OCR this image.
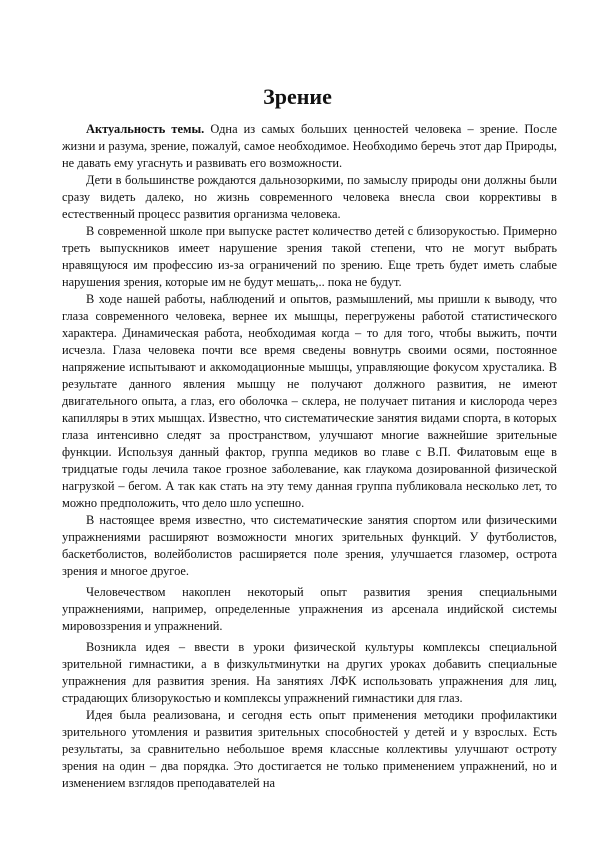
Зрение

Актуальность темы. Одна из самых больших ценностей человека – зрение. После жизни и разума, зрение, пожалуй, самое необходимое. Необходимо беречь этот дар Природы, не давать ему угаснуть и развивать его возможности.

Дети в большинстве рождаются дальнозоркими, по замыслу природы они должны были сразу видеть далеко, но жизнь современного человека внесла свои коррективы в естественный процесс развития организма человека.

В современной школе при выпуске растет количество детей с близорукостью. Примерно треть выпускников имеет нарушение зрения такой степени, что не могут выбрать нравящуюся им профессию из-за ограничений по зрению. Еще треть будет иметь слабые нарушения зрения, которые им не будут мешать,.. пока не будут.

В ходе нашей работы, наблюдений и опытов, размышлений, мы пришли к выводу, что глаза современного человека, вернее их мышцы, перегружены работой статистического характера. Динамическая работа, необходимая когда – то для того, чтобы выжить, почти исчезла. Глаза человека почти все время сведены вовнутрь своими осями, постоянное напряжение испытывают и аккомодационные мышцы, управляющие фокусом хрусталика. В результате данного явления мышцу не получают должного развития, не имеют двигательного опыта, а глаз, его оболочка – склера, не получает питания и кислорода через капилляры в этих мышцах. Известно, что систематические занятия видами спорта, в которых глаза интенсивно следят за пространством, улучшают многие важнейшие зрительные функции. Используя данный фактор, группа медиков во главе с В.П. Филатовым еще в тридцатые годы лечила такое грозное заболевание, как глаукома дозированной физической нагрузкой – бегом. А так как стать на эту тему данная группа публиковала несколько лет, то можно предположить, что дело шло успешно.

В настоящее время известно, что систематические занятия спортом или физическими упражнениями расширяют возможности многих зрительных функций. У футболистов, баскетболистов, волейболистов расширяется поле зрения, улучшается глазомер, острота зрения и многое другое.

Человечеством накоплен некоторый опыт развития зрения специальными упражнениями, например, определенные упражнения из арсенала индийской системы мировоззрения и упражнений.

Возникла идея – ввести в уроки физической культуры комплексы специальной зрительной гимнастики, а в физкультминутки на других уроках добавить специальные упражнения для развития зрения. На занятиях ЛФК использовать упражнения для лиц, страдающих близорукостью и комплексы упражнений гимнастики для глаз.

Идея была реализована, и сегодня есть опыт применения методики профилактики зрительного утомления и развития зрительных способностей у детей и у взрослых. Есть результаты, за сравнительно небольшое время классные коллективы улучшают остроту зрения на один – два порядка. Это достигается не только применением упражнений, но и изменением взглядов преподавателей на
